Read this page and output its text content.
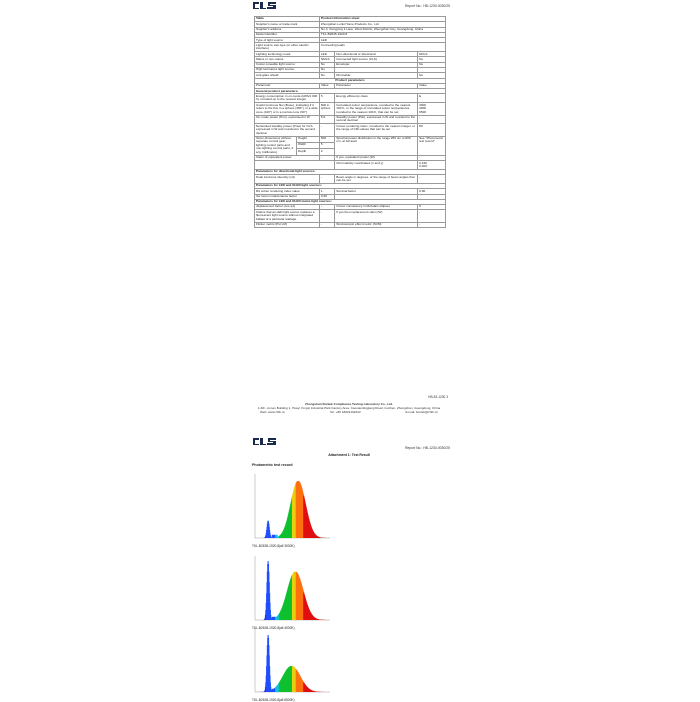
Report No.: HB-1230-0030/25
Table		Product information sheet		
Supplier's name or trade mark		Zhongshan Lunki Home Products Co., Ltd.		
Supplier's address		No.3, Xiongying 2 Lane, West District, Zhongshan City, Guangdong, China		
Model identifier		TKL-B2635-1920-8		
Type of light source:		LED		
Light source cap-type (or other electric interface)		Connecting leads		
Lighting technology used:		LED	Non-directional or directional	NDLS
Mains or non-mains:		NMLS	Connected light source (CLS)	No
Colour-tuneable light source:		No	Envelope:	No
High luminance light source:		No		
Anti-glare shield:		No	Dimmable:	No
Product parameters				
Parameter		Value	Parameter	Value
General product parameters:				
Energy consumption in on-mode (kWh/1 000 h), rounded up to the nearest integer		5	Energy efficiency class	E
Useful luminous flux (Φuse), indicating if it refers to the flux in a sphere (360°), in a wide cone (120°) or in a narrow cone (90°)		600 in sphere	Correlated colour temperature, rounded to the nearest 100 K, or the range of correlated colour temperatures, rounded to the nearest 100 K, that can be set	3000
4000
6500
On-mode power (Pon), expressed in W		5.0	Standby power (Psb), expressed in W and rounded to the second decimal	-
Networked standby power (Pnet) for CLS, expressed in W and rounded to the second decimal		-	Colour rendering index, rounded to the nearest integer, or the range of CRI-values that can be set	80
Outer dimensions without separate control gear, lighting control parts and non-lighting control parts, if any (millimetre)	Height	500	Spectral power distribution in the range 250 nm to 800 nm, at full-load	See "Photometric test record"
	Width	5		
	Depth	2		
Claim of equivalent power		-	If yes, equivalent power (W)	-
			Chromaticity coordinates (x and y)	0.440
0.403
Parameters for directional light sources:				
Peak luminous intensity (cd)		-	Beam angle in degrees, or the range of beam angles that can be set	-
Parameters for LED and OLED light sources:				
R9 colour rendering index value		1	Survival factor	0.90
the lumen maintenance factor		0.96		
Parameters for LED and OLED mains light sources:				
displacement factor (cos φ1)		-	Colour consistency in McAdam ellipses	6
Claims that an LED light source replaces a fluorescent light source without integrated ballast of a particular wattage.		-	If yes then replacement claim (W)	-
Flicker metric (Pst LM)		-	Stroboscopic effect metric (SVM)	-
HB-53-1230 3
Zhongshan Bonlek Compliance Testing Laboratory Co., Ltd.
1-6/F., Annex Building 1, Huayi Yongxi Industrial Park Factory Area, Caoxiandingjiang Road, Guzhen, Zhongshan, Guangdong, China
Web: www.zhlb.cn	Tel: +86 18022192222	E-mail: bonlek@zhlb.cn
Report No.: HB-1230-0030/25
Attachment 1: Test Result
Photometric test record
TKL-B2635-1920-8(all 3000K)
TKL-B2635-1920-8(all 4000K)
TKL-B2635-1920-8(all 6500K)
